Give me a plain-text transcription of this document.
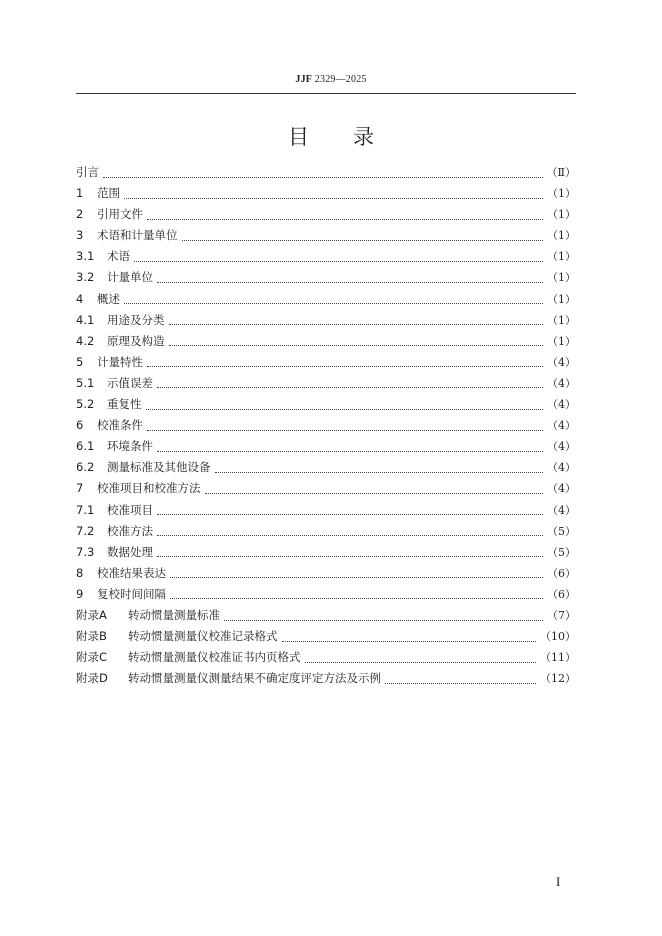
JJF 2329—2025
目录
引言	（Ⅱ）
1	范围	（1）
2	引用文件	（1）
3	术语和计量单位	（1）
3.1	术语	（1）
3.2	计量单位	（1）
4	概述	（1）
4.1	用途及分类	（1）
4.2	原理及构造	（1）
5	计量特性	（4）
5.1	示值误差	（4）
5.2	重复性	（4）
6	校准条件	（4）
6.1	环境条件	（4）
6.2	测量标准及其他设备	（4）
7	校准项目和校准方法	（4）
7.1	校准项目	（4）
7.2	校准方法	（5）
7.3	数据处理	（5）
8	校准结果表达	（6）
9	复校时间间隔	（6）
附录A	转动惯量测量标准	（7）
附录B	转动惯量测量仪校准记录格式	（10）
附录C	转动惯量测量仪校准证书内页格式	（11）
附录D	转动惯量测量仪测量结果不确定度评定方法及示例	（12）
I
